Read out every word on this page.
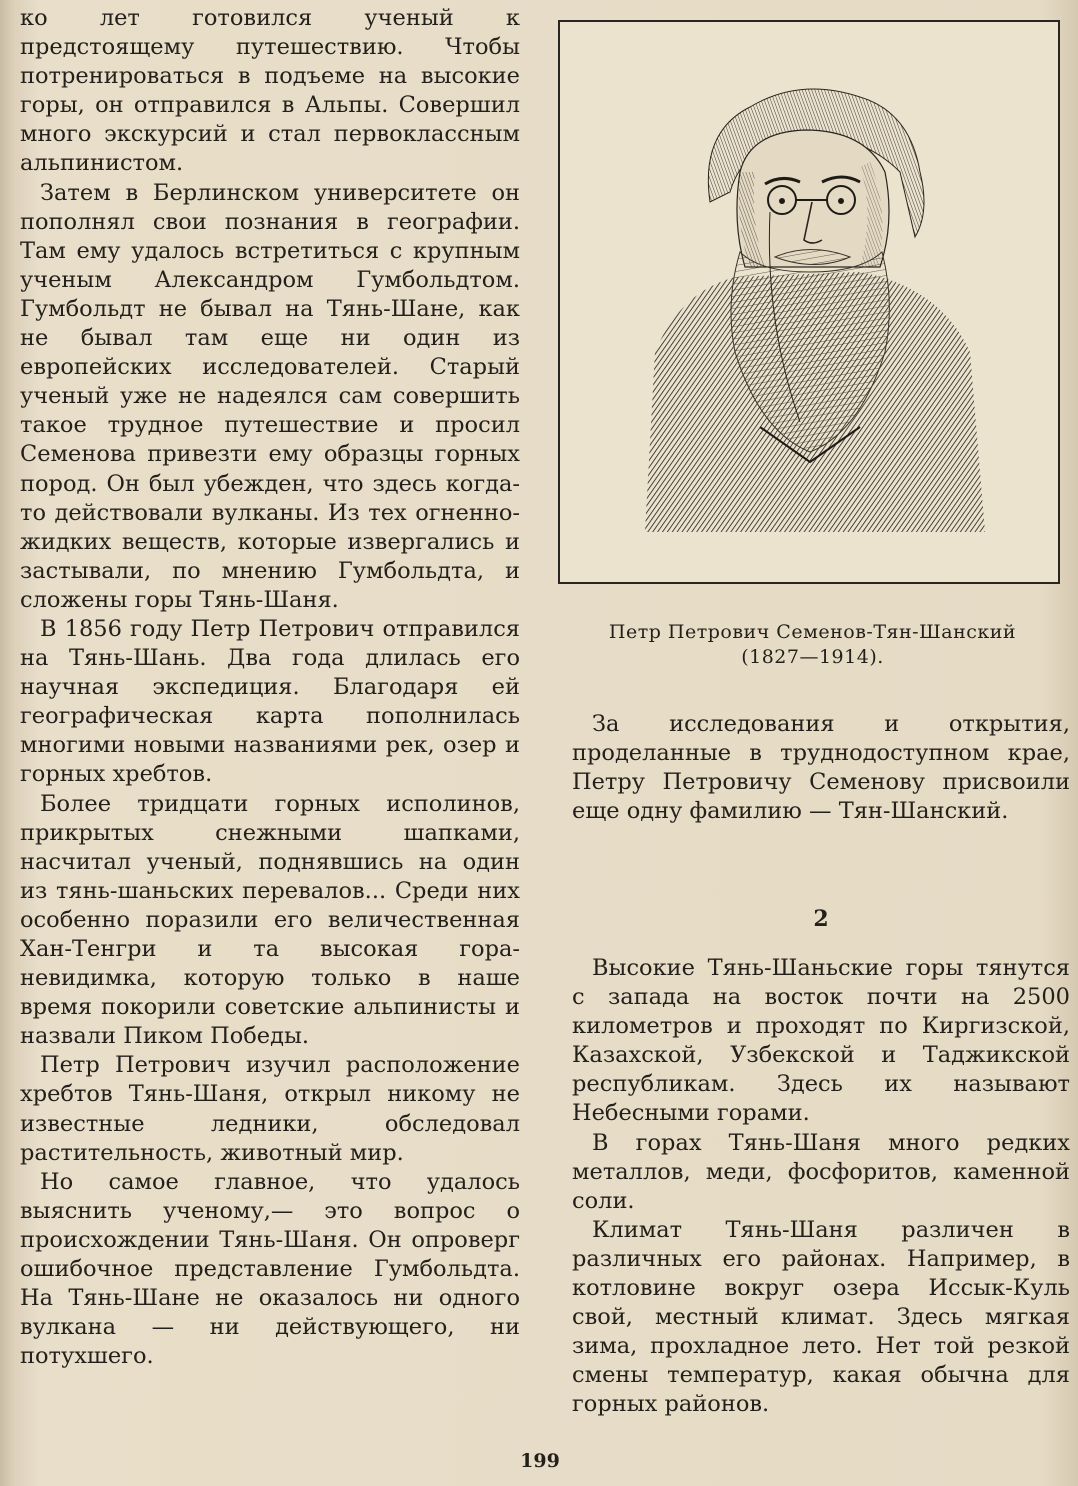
ко лет готовился ученый к предстоящему путешествию. Чтобы потренироваться в подъеме на высокие горы, он отправился в Альпы. Совершил много экскурсий и стал первоклассным альпинистом.

Затем в Берлинском университете он пополнял свои познания в географии. Там ему удалось встретиться с крупным ученым Александром Гумбольдтом. Гумбольдт не бывал на Тянь-Шане, как не бывал там еще ни один из европейских исследователей. Старый ученый уже не надеялся сам совершить такое трудное путешествие и просил Семенова привезти ему образцы горных пород. Он был убежден, что здесь когда-то действовали вулканы. Из тех огненно-жидких веществ, которые извергались и застывали, по мнению Гумбольдта, и сложены горы Тянь-Шаня.

В 1856 году Петр Петрович отправился на Тянь-Шань. Два года длилась его научная экспедиция. Благодаря ей географическая карта пополнилась многими новыми названиями рек, озер и горных хребтов.

Более тридцати горных исполинов, прикрытых снежными шапками, насчитал ученый, поднявшись на один из тянь-шаньских перевалов... Среди них особенно поразили его величественная Хан-Тенгри и та высокая гора-невидимка, которую только в наше время покорили советские альпинисты и назвали Пиком Победы.

Петр Петрович изучил расположение хребтов Тянь-Шаня, открыл никому не известные ледники, обследовал растительность, животный мир.

Но самое главное, что удалось выяснить ученому,— это вопрос о происхождении Тянь-Шаня. Он опроверг ошибочное представление Гумбольдта. На Тянь-Шане не оказалось ни одного вулкана — ни действующего, ни потухшего.

Петр Петрович Семенов-Тян-Шанский
(1827—1914).

За исследования и открытия, проделанные в труднодоступном крае, Петру Петровичу Семенову присвоили еще одну фамилию — Тян-Шанский.

2

Высокие Тянь-Шаньские горы тянутся с запада на восток почти на 2500 километров и проходят по Киргизской, Казахской, Узбекской и Таджикской республикам. Здесь их называют Небесными горами.

В горах Тянь-Шаня много редких металлов, меди, фосфоритов, каменной соли.

Климат Тянь-Шаня различен в различных его районах. Например, в котловине вокруг озера Иссык-Куль свой, местный климат. Здесь мягкая зима, прохладное лето. Нет той резкой смены температур, какая обычна для горных районов.

199
